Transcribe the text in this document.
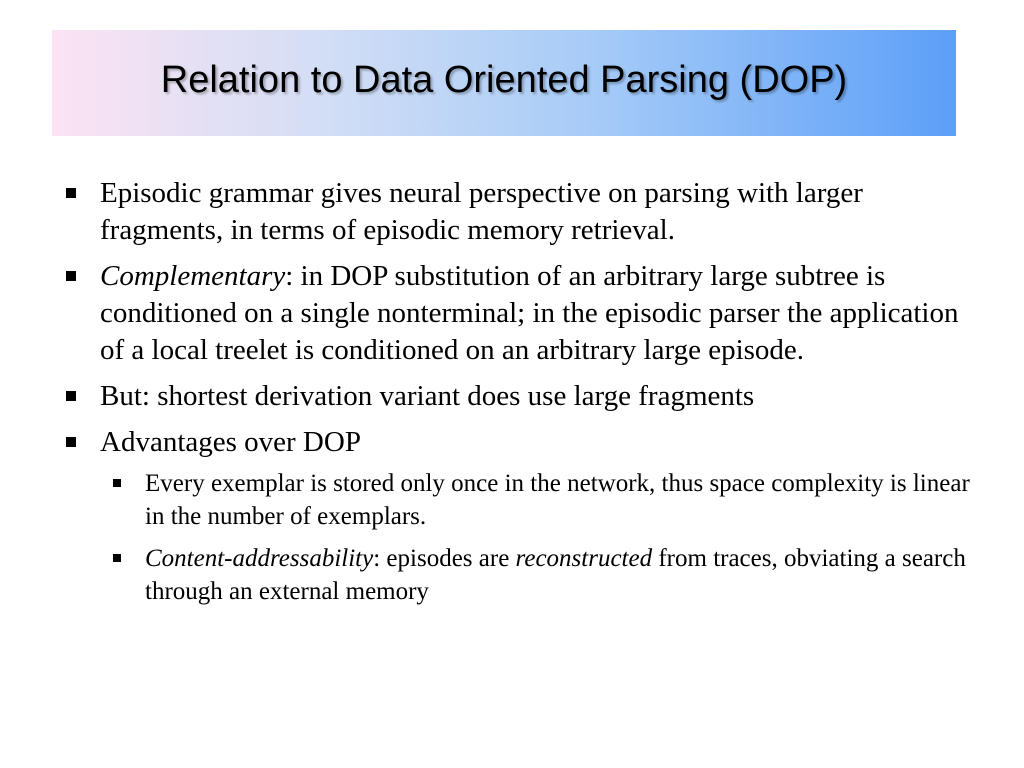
Relation to Data Oriented Parsing (DOP)
Episodic grammar gives neural perspective on parsing with larger fragments, in terms of episodic memory retrieval.
Complementary: in DOP substitution of an arbitrary large subtree is conditioned on a single nonterminal; in the episodic parser the application of a local treelet is conditioned on an arbitrary large episode.
But: shortest derivation variant does use large fragments
Advantages over DOP
Every exemplar is stored only once in the network, thus space complexity is linear in the number of exemplars.
Content-addressability: episodes are reconstructed from traces, obviating a search through an external memory
